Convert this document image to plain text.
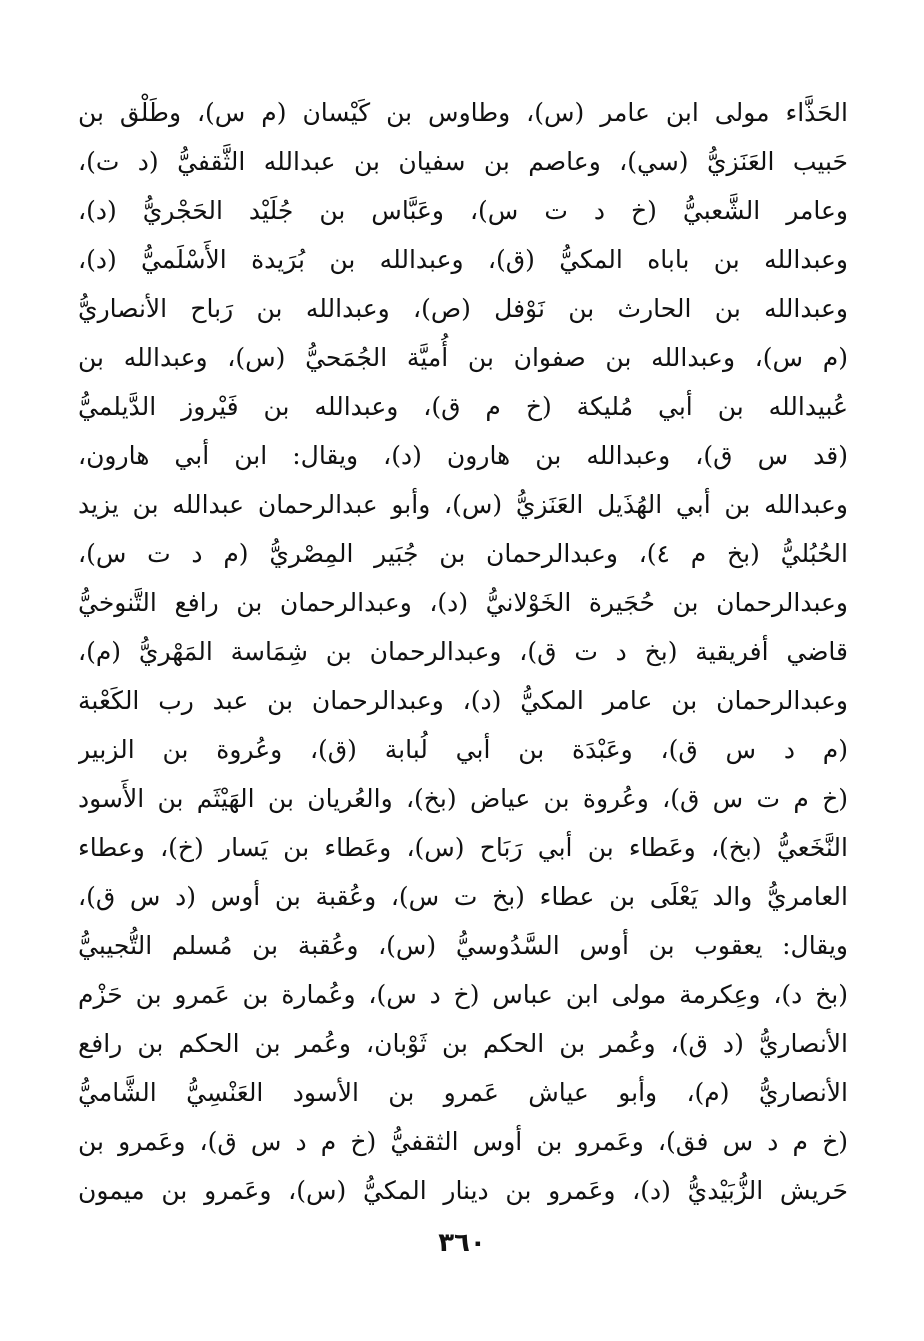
الحَذَّاء مولى ابن عامر (س)، وطاوس بن كَيْسان (م س)، وطَلْق بن
حَبيب العَنَزيُّ (سي)، وعاصم بن سفيان بن عبدالله الثَّقفيُّ (د ت)،
وعامر الشَّعبيُّ (خ د ت س)، وعَبَّاس بن جُلَيْد الحَجْريُّ (د)،
وعبدالله بن باباه المكيُّ (ق)، وعبدالله بن بُرَيدة الأَسْلَميُّ (د)،
وعبدالله بن الحارث بن نَوْفل (ص)، وعبدالله بن رَباح الأنصاريُّ
(م س)، وعبدالله بن صفوان بن أُميَّة الجُمَحيُّ (س)، وعبدالله بن
عُبيدالله بن أبي مُليكة (خ م ق)، وعبدالله بن فَيْروز الدَّيلميُّ
(قد س ق)، وعبدالله بن هارون (د)، ويقال: ابن أبي هارون،
وعبدالله بن أبي الهُذَيل العَنَزيُّ (س)، وأبو عبدالرحمان عبدالله بن يزيد
الحُبُليُّ (بخ م ٤)، وعبدالرحمان بن جُبَير المِصْريُّ (م د ت س)،
وعبدالرحمان بن حُجَيرة الخَوْلانيُّ (د)، وعبدالرحمان بن رافع التَّنوخيُّ
قاضي أفريقية (بخ د ت ق)، وعبدالرحمان بن شِمَاسة المَهْريُّ (م)،
وعبدالرحمان بن عامر المكيُّ (د)، وعبدالرحمان بن عبد رب الكَعْبة
(م د س ق)، وعَبْدَة بن أبي لُبابة (ق)، وعُروة بن الزبير
(خ م ت س ق)، وعُروة بن عياض (بخ)، والعُريان بن الهَيْثَم بن الأَسود
النَّخَعيُّ (بخ)، وعَطاء بن أبي رَبَاح (س)، وعَطاء بن يَسار (خ)، وعطاء
العامريُّ والد يَعْلَى بن عطاء (بخ ت س)، وعُقبة بن أوس (د س ق)،
ويقال: يعقوب بن أوس السَّدُوسيُّ (س)، وعُقبة بن مُسلم التُّجيبيُّ
(بخ د)، وعِكرمة مولى ابن عباس (خ د س)، وعُمارة بن عَمرو بن حَزْم
الأنصاريُّ (د ق)، وعُمر بن الحكم بن ثَوْبان، وعُمر بن الحكم بن رافع
الأنصاريُّ (م)، وأبو عياش عَمرو بن الأسود العَنْسِيُّ الشَّاميُّ
(خ م د س فق)، وعَمرو بن أوس الثقفيُّ (خ م د س ق)، وعَمرو بن
حَريش الزُّبَيْديُّ (د)، وعَمرو بن دينار المكيُّ (س)، وعَمرو بن ميمون
٣٦٠
